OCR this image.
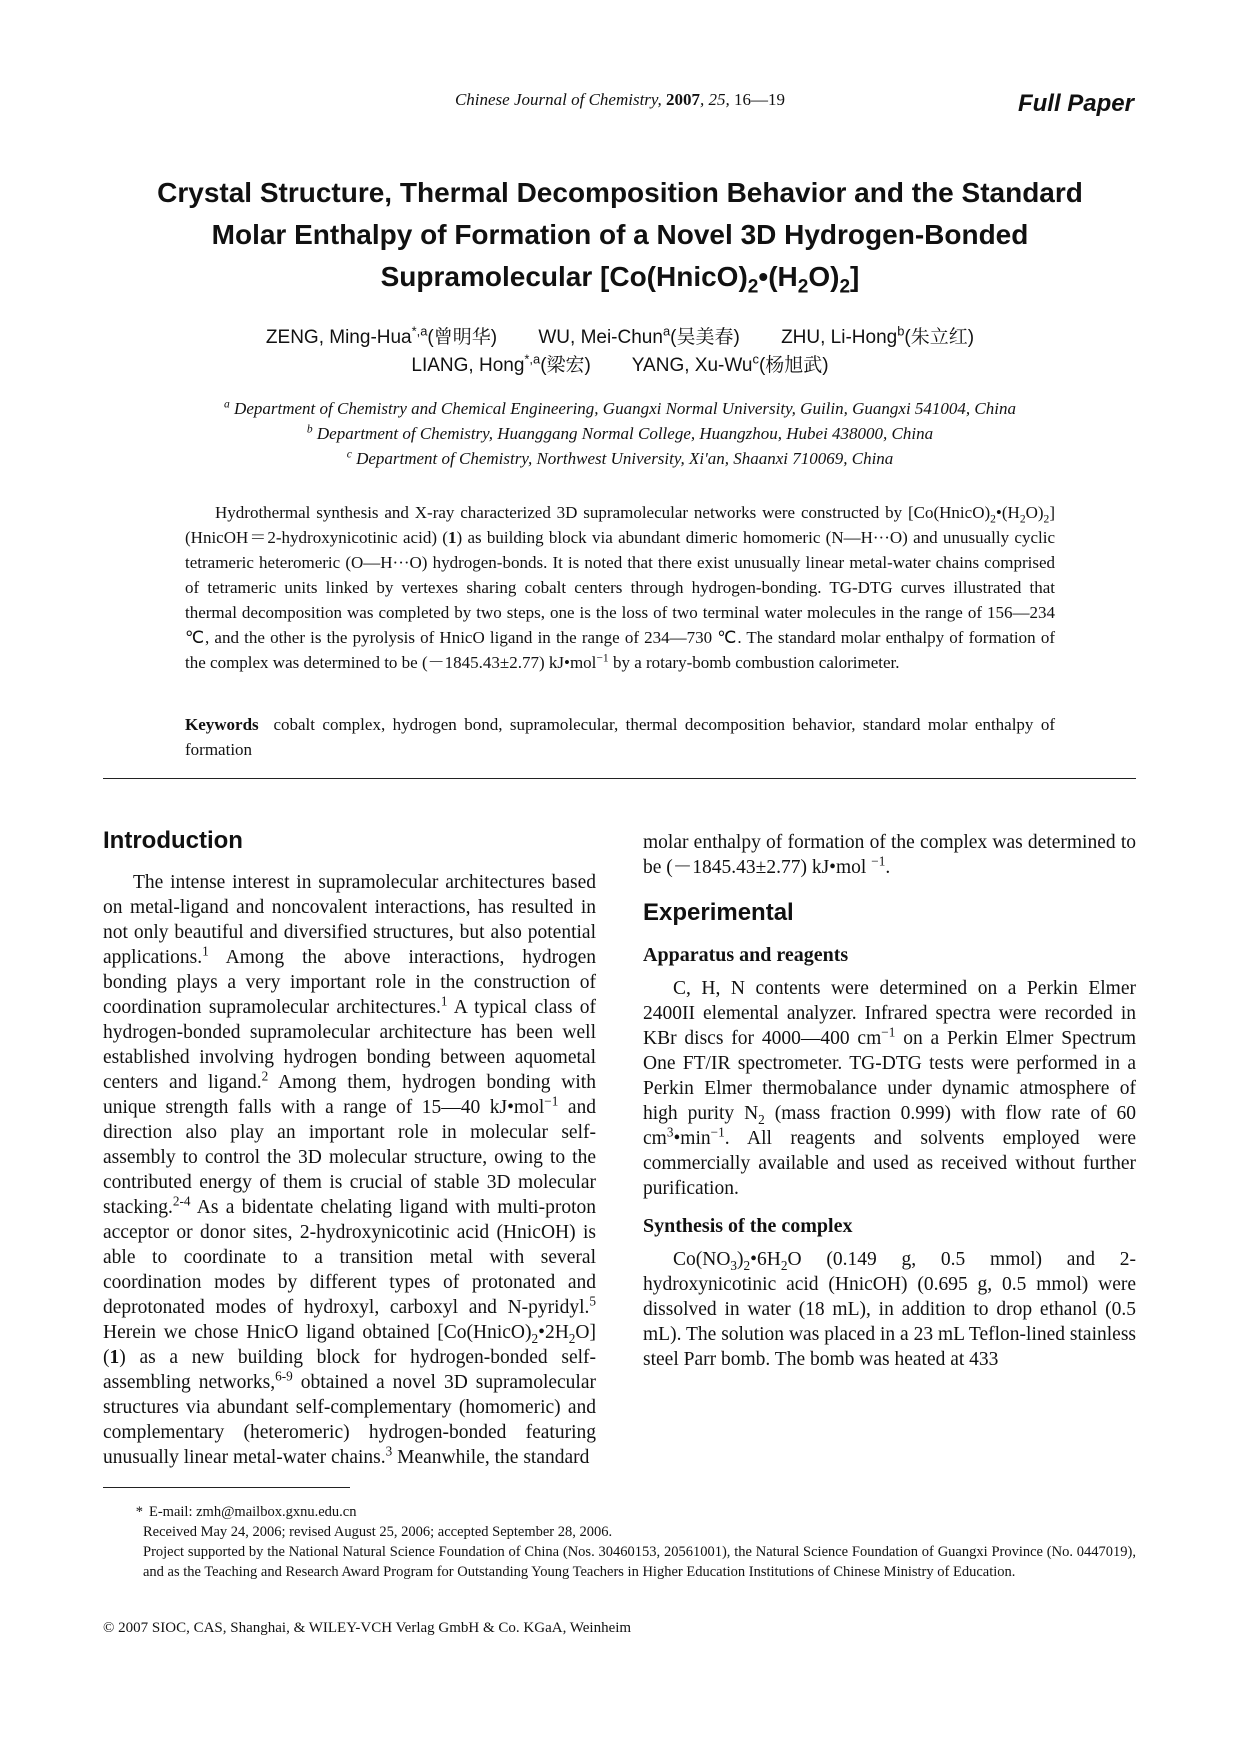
Chinese Journal of Chemistry, 2007, 25, 16—19	Full Paper
Crystal Structure, Thermal Decomposition Behavior and the Standard Molar Enthalpy of Formation of a Novel 3D Hydrogen-Bonded Supramolecular $[Co(HnicO)_2•(H_2O)_2]$
ZENG, Ming-Hua$^{*,a}$(曾明华) WU, Mei-Chun$^a$(吴美春) ZHU, Li-Hong$^b$(朱立红)
LIANG, Hong$^{*,a}$(梁宏) YANG, Xu-Wu$^c$(杨旭武)
$^a$ Department of Chemistry and Chemical Engineering, Guangxi Normal University, Guilin, Guangxi 541004, China
$^b$ Department of Chemistry, Huanggang Normal College, Huangzhou, Hubei 438000, China
$^c$ Department of Chemistry, Northwest University, Xi'an, Shaanxi 710069, China
Hydrothermal synthesis and X-ray characterized 3D supramolecular networks were constructed by $[Co(HnicO)_2•(H_2O)_2]$ (HnicOH＝2-hydroxynicotinic acid) (1) as building block via abundant dimeric homomeric (N—H···O) and unusually cyclic tetrameric heteromeric (O—H···O) hydrogen-bonds. It is noted that there exist unusually linear metal-water chains comprised of tetrameric units linked by vertexes sharing cobalt centers through hydrogen-bonding. TG-DTG curves illustrated that thermal decomposition was completed by two steps, one is the loss of two terminal water molecules in the range of 156—234 ℃, and the other is the pyrolysis of HnicO ligand in the range of 234—730 ℃. The standard molar enthalpy of formation of the complex was determined to be (－1845.43±2.77) kJ•mol$^{-1}$ by a rotary-bomb combustion calorimeter.
Keywords cobalt complex, hydrogen bond, supramolecular, thermal decomposition behavior, standard molar enthalpy of formation
Introduction

The intense interest in supramolecular architectures based on metal-ligand and noncovalent interactions, has resulted in not only beautiful and diversified structures, but also potential applications.$^1$ Among the above interactions, hydrogen bonding plays a very important role in the construction of coordination supramolecular architectures.$^1$ A typical class of hydrogen-bonded supramolecular architecture has been well established involving hydrogen bonding between aquometal centers and ligand.$^2$ Among them, hydrogen bonding with unique strength falls with a range of 15—40 kJ•mol$^{-1}$ and direction also play an important role in molecular self-assembly to control the 3D molecular structure, owing to the contributed energy of them is crucial of stable 3D molecular stacking.$^{2-4}$ As a bidentate chelating ligand with multi-proton acceptor or donor sites, 2-hydroxynicotinic acid (HnicOH) is able to coordinate to a transition metal with several coordination modes by different types of protonated and deprotonated modes of hydroxyl, carboxyl and N-pyridyl.$^5$ Herein we chose HnicO ligand obtained $[Co(HnicO)_2•2H_2O]$ (1) as a new building block for hydrogen-bonded self-assembling networks,$^{6-9}$ obtained a novel 3D supramolecular structures via abundant self-complementary (homomeric) and complementary (heteromeric) hydrogen-bonded featuring unusually linear metal-water chains.$^3$ Meanwhile, the standard

molar enthalpy of formation of the complex was determined to be (－1845.43±2.77) kJ•mol $^{-1}$.

Experimental
Apparatus and reagents

C, H, N contents were determined on a Perkin Elmer 2400II elemental analyzer. Infrared spectra were recorded in KBr discs for 4000—400 $cm^{-1}$ on a Perkin Elmer Spectrum One FT/IR spectrometer. TG-DTG tests were performed in a Perkin Elmer thermobalance under dynamic atmosphere of high purity $N_2$ (mass fraction 0.999) with flow rate of 60 $cm^3•\min^{-1}$. All reagents and solvents employed were commercially available and used as received without further purification.

Synthesis of the complex

$Co(NO_3)_2•6H_2O$ (0.149 g, 0.5 mmol) and 2-hydroxynicotinic acid (HnicOH) (0.695 g, 0.5 mmol) were dissolved in water (18 mL), in addition to drop ethanol (0.5 mL). The solution was placed in a 23 mL Teflon-lined stainless steel Parr bomb. The bomb was heated at 433

* E-mail: zmh@mailbox.gxnu.edu.cn
Received May 24, 2006; revised August 25, 2006; accepted September 28, 2006.
Project supported by the National Natural Science Foundation of China (Nos. 30460153, 20561001), the Natural Science Foundation of Guangxi Province (No. 0447019), and as the Teaching and Research Award Program for Outstanding Young Teachers in Higher Education Institutions of Chinese Ministry of Education.
© 2007 SIOC, CAS, Shanghai, & WILEY-VCH Verlag GmbH & Co. KGaA, Weinheim
